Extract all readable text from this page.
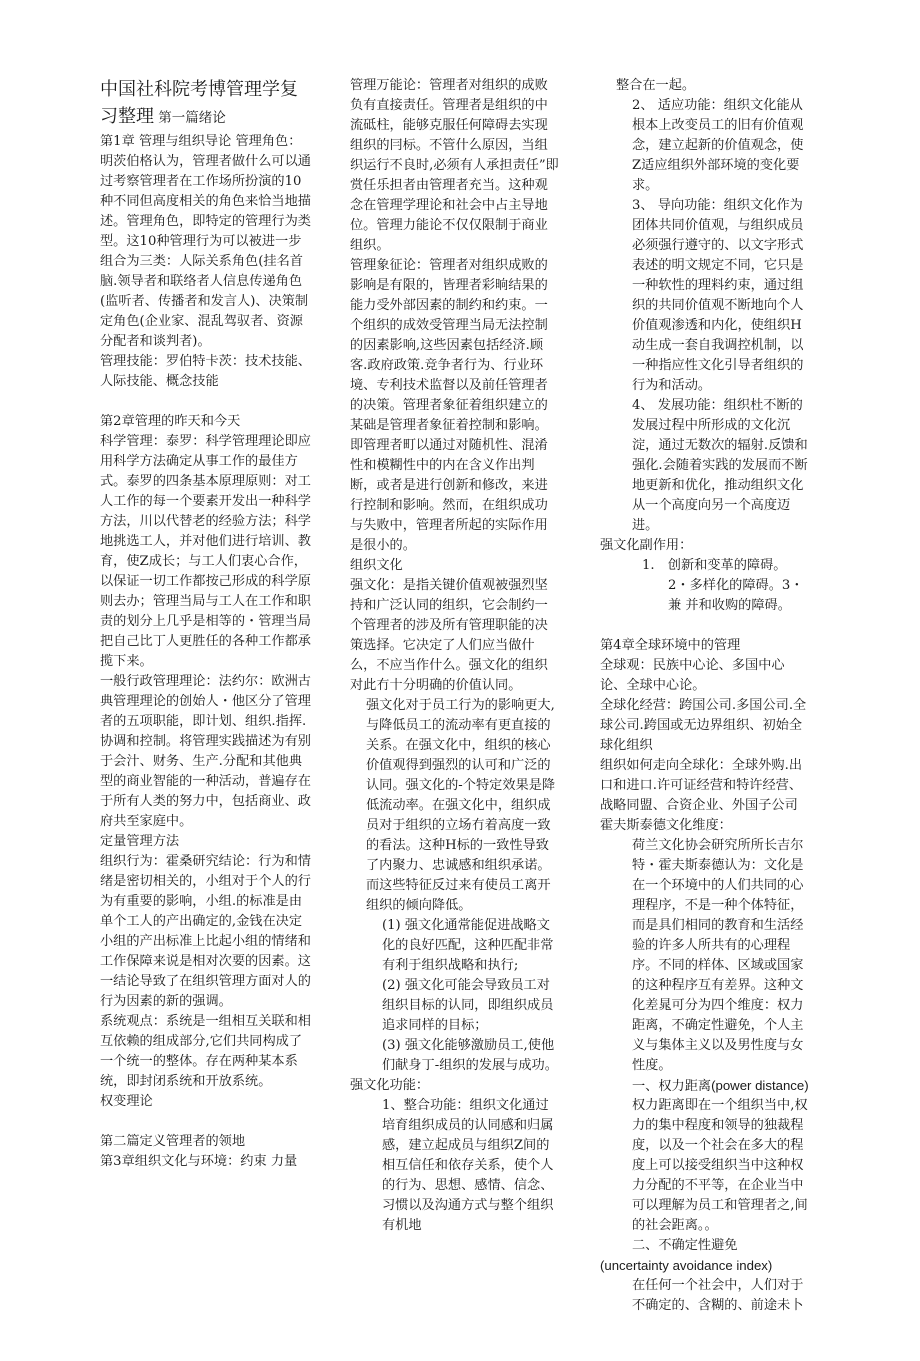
中国社科院考博管理学复习整理 第一篇绪论

第1章 管理与组织导论 管理角色：明茨伯格认为，管理者做什么可以通过考察管理者在工作场所扮演的10种不同但高度相关的角色来恰当地描述。管理角色，即特定的管理行为类型。这10种管理行为可以被进一步组合为三类：人际关系角色(挂名首脑.领导者和联络者人信息传递角色(监听者、传播者和发言人)、决策制定角色(企业家、混乱驾驭者、资源分配者和谈判者)。

管理技能：罗伯特卡茨：技术技能、人际技能、概念技能

第2章管理的昨天和今天

科学管理：泰罗：科学管理理论即应用科学方法确定从事工作的最佳方式。泰罗的四条基本原理原则：对工人工作的每一个要素开发出一种科学方法，川以代替老的经验方法；科学地挑选工人，并对他们进行培训、教育，使Z成长；与工人们衷心合作，以保证一切工作都按己形成的科学原则去办；管理当局与工人在工作和职责的划分上几乎是相等的・管理当局把自己比丁人更胜任的各种工作都承揽下来。

一般行政管理理论：法约尔：欧洲古典管理理论的创始人・他区分了管理者的五项职能，即计划、组织.指挥.协调和控制。将管理实践描述为有别于会汁、财务、生产.分配和其他典型的商业智能的一种活动，普遍存在于所有人类的努力中，包括商业、政府共至家庭中。

定量管理方法

组织行为：霍桑研究结论：行为和情绪是密切相关的，小组对于个人的行为有重要的影响，小组.的标准是由单个工人的产出确定的,金钱在决定小组的产出标准上比起小组的情绪和工作保障来说是相对次要的因素。这一结论导致了在组织管理方面对人的行为因素的新的强调。

系统观点：系统是一组相互关联和相互依赖的组成部分,它们共同构成了一个统一的整体。存在两种某本系统，即封闭系统和开放系统。

权变理论

第二篇定义管理者的领地

第3章组织文化与环境：约束 力量

管理万能论：管理者对组织的成败负有直接责任。管理者是组织的中流砥柱，能够克服任何障碍去实现组织的冃标。不管什么原因，当组织运行不良时,必须有人承担责任”即赏任乐担者由管理者充当。这种观念在管理学理论和社会中占主导地位。管理力能论不仅仅限制于商业组织。

管理象征论：管理者对组织成败的影响是有限的，皆理者彩晌结果的能力受外部因素的制约和约束。一个组织的成效受管理当局无法控制的因素影响,这些因素包括经济.顾客.政府政策.竞争者行为、行业环境、专利技术监督以及前任管理者的决策。管理者象征着组织建立的某础是管理者象征着控制和影响。即管理者町以通过对随机性、混淆性和模糊性中的内在含义作出判断，或者是进行创新和修改，来进行控制和影响。然而，在组织成功与失败中，管理者所起的实际作用是很小的。

组织文化

强文化：是指关键价值观被强烈坚持和广泛认同的组织，它会制约一个管理者的涉及所有管理职能的决策选择。它决定了人们应当做什么，不应当作什么。强文化的组织对此冇十分明确的价值认同。

强文化对于员工行为的影响更大,与降低员工的流动率有更直接的关系。在强文化中，组织的核心价值观得到强烈的认可和广泛的认同。强文化的-个特定效果是降低流动率。在强文化中，组织成员对于组织的立场冇着高度一致的看法。这种H标的一致性导致了内聚力、忠诚感和组织承诺。而这些特征反过来有使员工离开组织的倾向降低。

(1) 强文化通常能促进战略文化的良好匹配，这种匹配非常有利于组织战略和执行;

(2) 强文化可能会导致员工对组织目标的认同，即组织成员追求同样的目标；

(3) 强文化能够激励员工,使他们献身丁-组织的发展与成功。

强文化功能：

1、整合功能：组织文化通过培育组织成员的认同感和归属感，建立起成员与组织Z间的相互信任和依存关系，使个人的行为、思想、感情、信念、习惯以及沟通方式与整个组织有机地

整合在一起。

2、 适应功能：组织文化能从根本上改变员工的旧有价值观念，建立起新的价值观念，使Z适应组织外部环境的变化要 求。

3、 导向功能：组织文化作为团体共同价值观，与组织成员必须强行遵守的、以文字形式表述的明文规定不同，它只是一种软性的理料约束，通过组织的共同价值观不断地向个人价值观渗透和内化，使组织H动生成一套自我调控机制，以一种指应性文化引导者组织的行为和活动。

4、 发展功能：组织杜不断的发展过程中所形成的文化沉淀，通过无数次的辐射.反馈和强化.会随着实践的发展而不断地更新和优化，推动组织文化从一个高度向另一个高度迈进。

强文化副作用：

1.　创新和变革的障碍。

2・多样化的障碍。3・

兼 并和收购的障碍。

第4章全球环境中的管理

全球观：民族中心论、多国中心论、全球中心论。

全球化经营：跨国公司.多国公司.全球公司.跨国或无边界组织、初始全球化组织

组织如何走向全球化：全球外购.出口和进口.许可证经营和特许经营、战略同盟、合资企业、外国子公司

霍夫斯泰德文化维度：

荷兰文化协会研究所所长吉尔特・霍夫斯泰德认为：文化是在一个环境中的人们共同的心理程序，不是一种个体特征，而是具们相同的教育和生活经验的许多人所共有的心理程序。不同的样体、区域或国家的这种程序互有差界。这种文化差晁可分为四个维度：权力距离，不确定性避免，个人主义与集体主义以及男性度与女性度。

一、权力距离(power distance)

权力距离即在一个组织当中,权力的集中程度和领导的独裁程度，以及一个社会在多大的程度上可以接受组织当中这种权力分配的不平等，在企业当中可以理解为员工和管理者之,间的社会距离。。

二、不确定性避免

(uncertainty avoidance index)

在任何一个社会中，人们对于不确定的、含糊的、前途未卜
